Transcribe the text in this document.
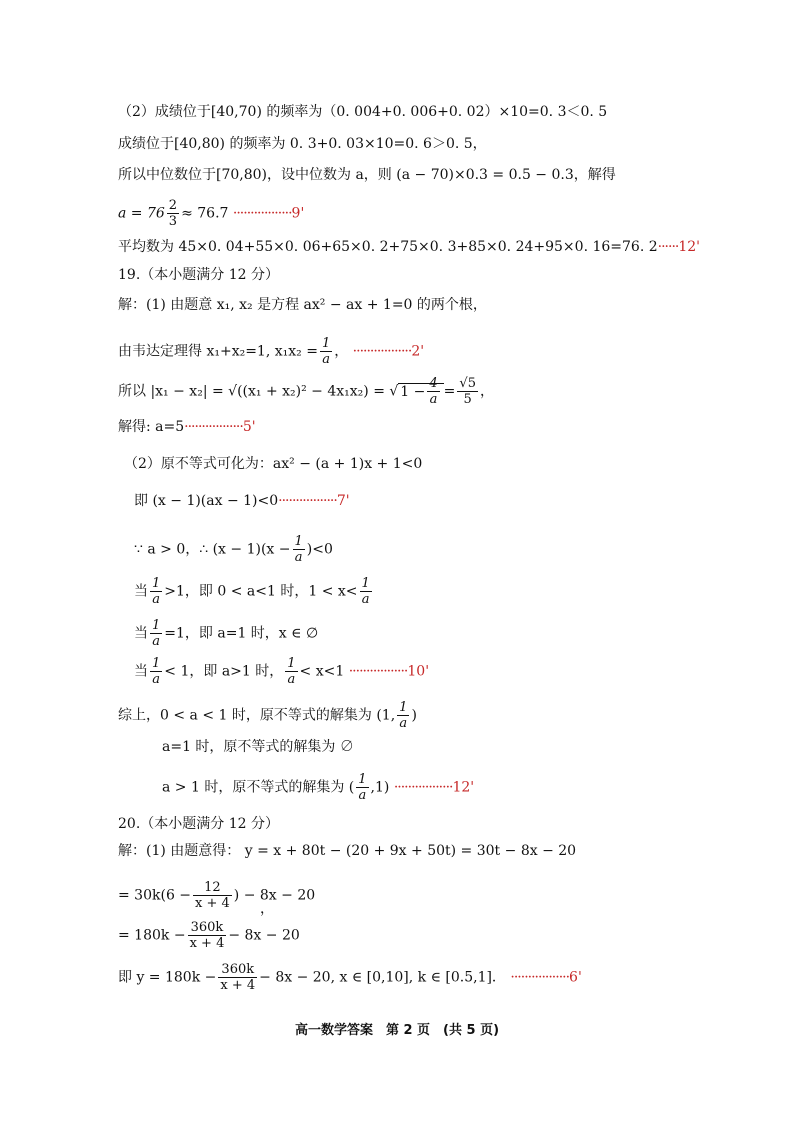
（2）成绩位于[40,70) 的频率为（0. 004+0. 006+0. 02）×10=0. 3＜0. 5
成绩位于[40,80) 的频率为 0. 3+0. 03×10=0. 6＞0. 5，
所以中位数位于[70,80)，设中位数为 a，则 (a − 70)×0.3 = 0.5 − 0.3，解得
$a = 76 \frac{2}{3} \approx 76.7 \cdot\cdot\cdot\cdot\cdot\cdot\cdot\cdot\cdot\cdot\cdot\cdot\cdot\cdot\cdot\cdot\cdot 9'$
平均数为 45×0. 04+55×0. 06+65×0. 2+75×0. 3+85×0. 24+95×0. 16=76. 2······12'
19.（本小题满分 12 分）
解：(1) 由题意 x₁, x₂ 是方程 ax² − ax + 1=0 的两个根，
由韦达定理得 x₁+x₂=1, $x_1x_2 = \frac{1}{a}$ ， ·················2'
所以 |x₁ − x₂| = √((x₁ + x₂)² − 4x₁x₂) = √ $1 - \frac{4}{a} = \frac{√5}{5}$ ，
解得: a=5·················5'
（2）原不等式可化为：ax² − (a + 1)x + 1<0
即 (x − 1)(ax − 1)<0·················7'
∵ a > 0，∴ $(x - 1)(x - \frac{1}{a} )<0$
当 $\frac{1}{a} >1$，即 0 < a<1 时，$1 < x< \frac{1}{a}$
当 $\frac{1}{a} =1$，即 a=1 时，x ∈ ∅
当 $\frac{1}{a} < 1$，即 a>1 时， $\frac{1}{a} < x<1 \cdot\cdot\cdot\cdot\cdot\cdot\cdot\cdot\cdot\cdot\cdot\cdot\cdot\cdot\cdot\cdot\cdot 10'$
综上，0 < a < 1 时，原不等式的解集为 (1, $\frac{1}{a}$ )
a=1 时，原不等式的解集为 ∅
a > 1 时，原不等式的解集为 ( $\frac{1}{a} ,1) \cdot\cdot\cdot\cdot\cdot\cdot\cdot\cdot\cdot\cdot\cdot\cdot\cdot\cdot\cdot\cdot\cdot 12'$
20.（本小题满分 12 分）
解：(1) 由题意得： y = x + 80t − (20 + 9x + 50t) = 30t − 8x − 20
= $30k(6 - \frac{12}{x + 4}$ ) − 8x − 20
，
= $180k - \frac{360k}{x + 4} - 8x - 20$
即 $y = 180k - \frac{360k}{x + 4} - 8x - 20$, x ∈ [0,10], k ∈ [0.5,1]． ·················6'
高一数学答案　第 2 页　(共 5 页)
